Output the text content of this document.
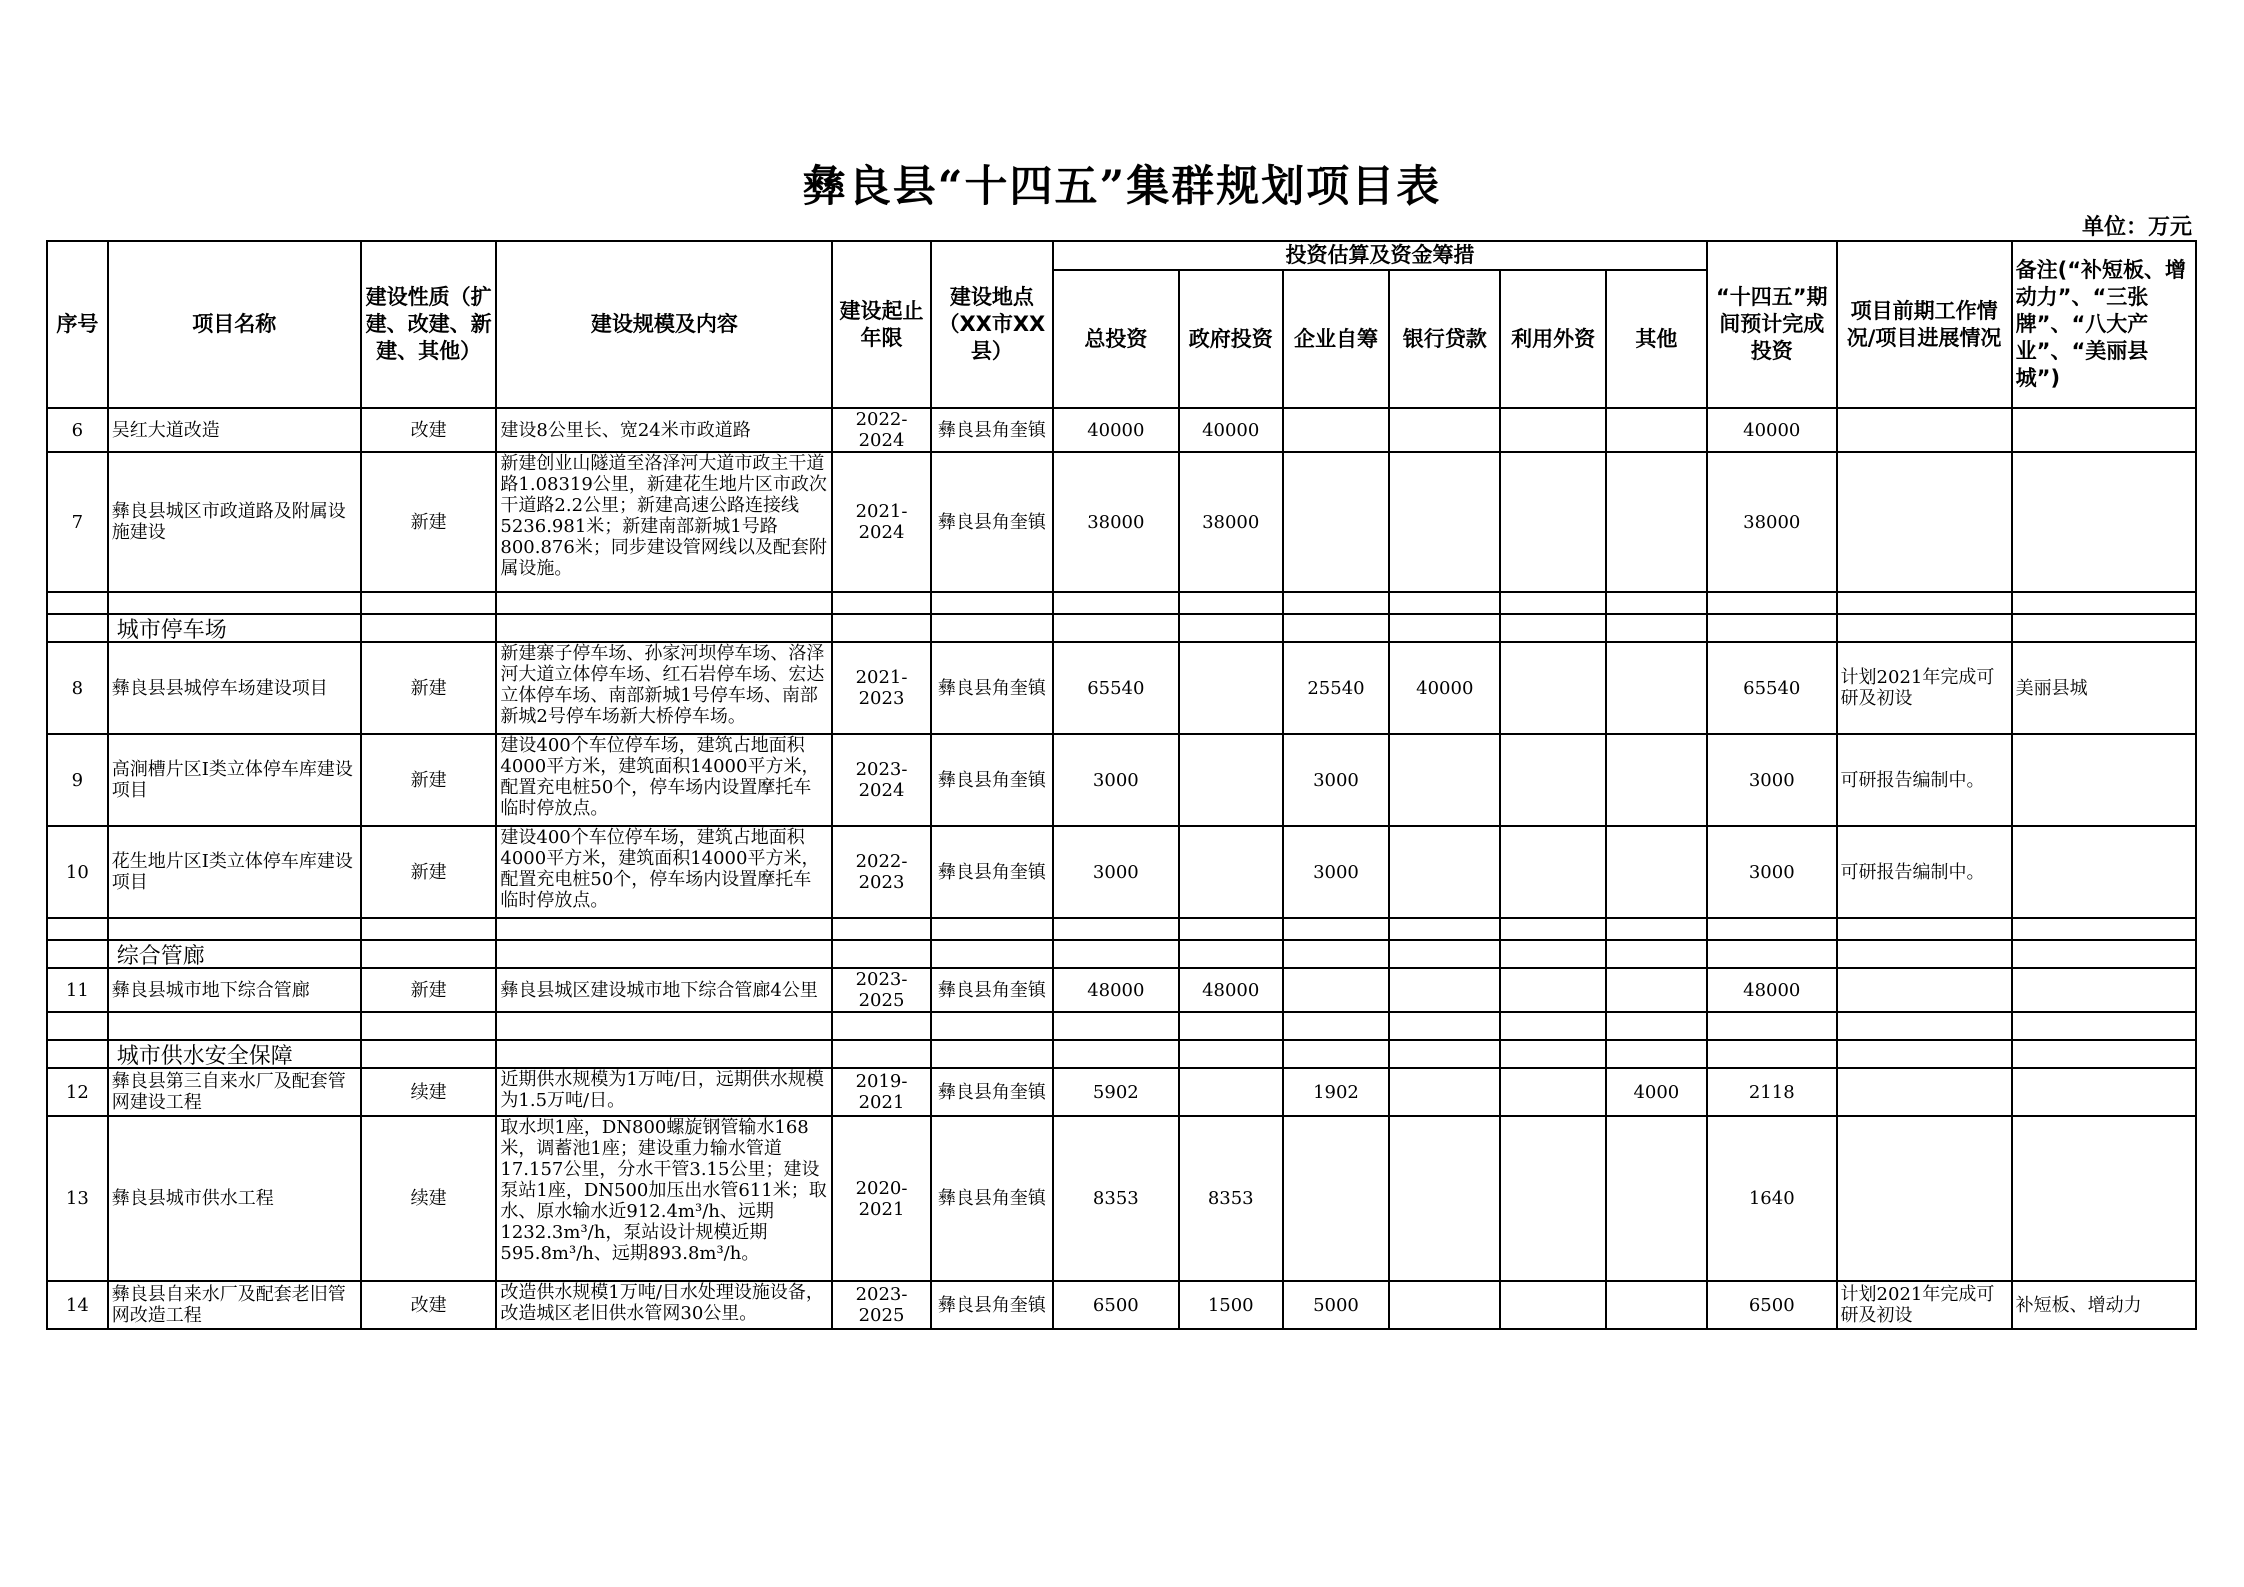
彝良县“十四五”集群规划项目表
单位：万元
序号	项目名称	建设性质（扩建、改建、新建、其他）	建设规模及内容	建设起止年限	建设地点（XX市XX县）	投资估算及资金筹措						“十四五”期间预计完成投资	项目前期工作情况/项目进展情况	备注(“补短板、增动力”、“三张牌”、“八大产业”、“美丽县城”)
						总投资	政府投资	企业自筹	银行贷款	利用外资	其他			
6	吴红大道改造	改建	建设8公里长、宽24米市政道路	2022-2024	彝良县角奎镇	40000	40000					40000		
7	彝良县城区市政道路及附属设施建设	新建	新建创业山隧道至洛泽河大道市政主干道路1.08319公里，新建花生地片区市政次干道路2.2公里；新建高速公路连接线5236.981米；新建南部新城1号路800.876米；同步建设管网线以及配套附属设施。	2021-2024	彝良县角奎镇	38000	38000					38000		

	城市停车场													
8	彝良县县城停车场建设项目	新建	新建寨子停车场、孙家河坝停车场、洛泽河大道立体停车场、红石岩停车场、宏达立体停车场、南部新城1号停车场、南部新城2号停车场新大桥停车场。	2021-2023	彝良县角奎镇	65540		25540	40000			65540	计划2021年完成可研及初设	美丽县城
9	高涧槽片区I类立体停车库建设项目	新建	建设400个车位停车场，建筑占地面积4000平方米，建筑面积14000平方米，配置充电桩50个，停车场内设置摩托车临时停放点。	2023-2024	彝良县角奎镇	3000		3000				3000	可研报告编制中。	
10	花生地片区I类立体停车库建设项目	新建	建设400个车位停车场，建筑占地面积4000平方米，建筑面积14000平方米，配置充电桩50个，停车场内设置摩托车临时停放点。	2022-2023	彝良县角奎镇	3000		3000				3000	可研报告编制中。	

	综合管廊													
11	彝良县城市地下综合管廊	新建	彝良县城区建设城市地下综合管廊4公里	2023-2025	彝良县角奎镇	48000	48000					48000		

	城市供水安全保障													
12	彝良县第三自来水厂及配套管网建设工程	续建	近期供水规模为1万吨/日，远期供水规模为1.5万吨/日。	2019-2021	彝良县角奎镇	5902		1902			4000	2118		
13	彝良县城市供水工程	续建	取水坝1座，DN800螺旋钢管输水168米，调蓄池1座；建设重力输水管道17.157公里，分水干管3.15公里；建设泵站1座，DN500加压出水管611米；取水、原水输水近912.4m³/h、远期1232.3m³/h，泵站设计规模近期595.8m³/h、远期893.8m³/h。	2020-2021	彝良县角奎镇	8353	8353					1640		
14	彝良县自来水厂及配套老旧管网改造工程	改建	改造供水规模1万吨/日水处理设施设备，改造城区老旧供水管网30公里。	2023-2025	彝良县角奎镇	6500	1500	5000				6500	计划2021年完成可研及初设	补短板、增动力
